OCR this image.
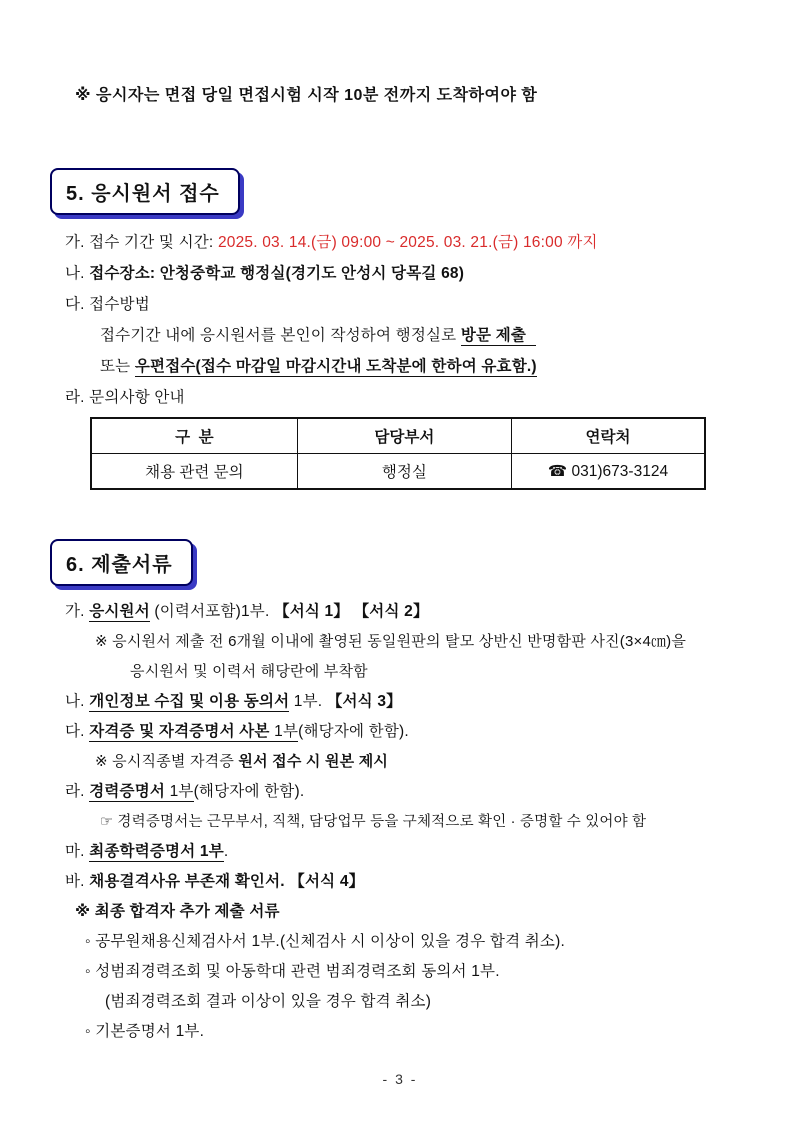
※ 응시자는 면접 당일 면접시험 시작 10분 전까지 도착하여야 함
5. 응시원서 접수
가. 접수 기간 및 시간: 2025. 03. 14.(금) 09:00 ~ 2025. 03. 21.(금) 16:00 까지
나. 접수장소: 안청중학교 행정실(경기도 안성시 당목길 68)
다. 접수방법
접수기간 내에 응시원서를 본인이 작성하여 행정실로 방문 제출
또는 우편접수(접수 마감일 마감시간내 도착분에 한하여 유효함.)
라. 문의사항 안내
구  분	담당부서	연락처
채용 관련 문의	행정실	☎ 031)673-3124
6. 제출서류
가. 응시원서 (이력서포함)1부. 【서식 1】 【서식 2】
※ 응시원서 제출 전 6개월 이내에 촬영된 동일원판의 탈모 상반신 반명함판 사진(3×4㎝)을
응시원서 및 이력서 해당란에 부착함
나. 개인정보 수집 및 이용 동의서 1부. 【서식 3】
다. 자격증 및 자격증명서 사본 1부(해당자에 한함).
※ 응시직종별 자격증 원서 접수 시 원본 제시
라. 경력증명서 1부(해당자에 한함).
☞ 경력증명서는 근무부서, 직책, 담당업무 등을 구체적으로 확인 · 증명할 수 있어야 함
마. 최종학력증명서 1부.
바. 채용결격사유 부존재 확인서. 【서식 4】
※ 최종 합격자 추가 제출 서류
◦ 공무원채용신체검사서 1부.(신체검사 시 이상이 있을 경우 합격 취소).
◦ 성범죄경력조회 및 아동학대 관련 범죄경력조회 동의서 1부.
(범죄경력조회 결과 이상이 있을 경우 합격 취소)
◦ 기본증명서 1부.
- 3 -
